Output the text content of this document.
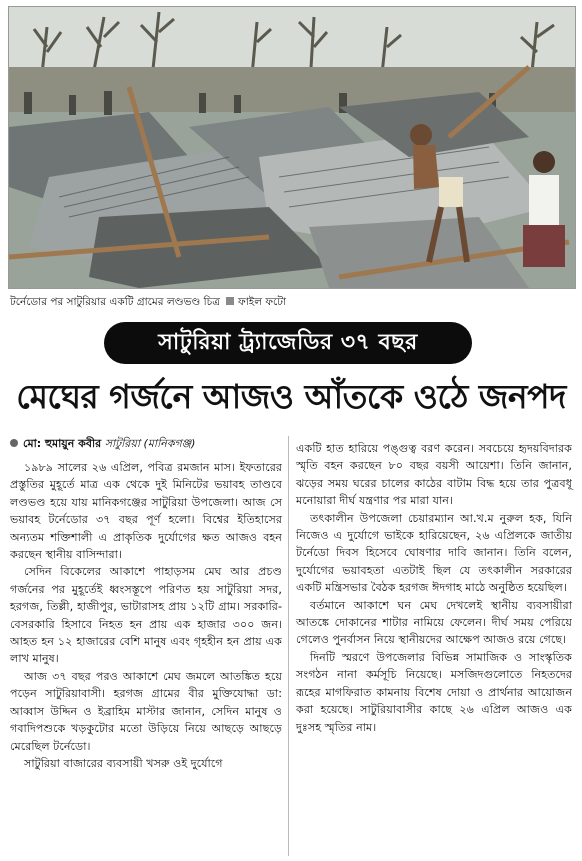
টর্নেডোর পর সাটুরিয়ার একটি গ্রামের লণ্ডভণ্ড চিত্র ফাইল ফটো
সাটুরিয়া ট্র্যাজেডির ৩৭ বছর
মেঘের গর্জনে আজও আঁতকে ওঠে জনপদ
মো: হুমায়ুন কবীর সাটুরিয়া (মানিকগঞ্জ)

১৯৮৯ সালের ২৬ এপ্রিল, পবিত্র রমজান মাস। ইফতারের প্রস্তুতির মুহূর্তে মাত্র এক থেকে দুই মিনিটের ভয়াবহ তাণ্ডবে লণ্ডভণ্ড হয়ে যায় মানিকগঞ্জের সাটুরিয়া উপজেলা। আজ সে ভয়াবহ টর্নেডোর ৩৭ বছর পূর্ণ হলো। বিশ্বের ইতিহাসের অন্যতম শক্তিশালী এ প্রাকৃতিক দুর্যোগের ক্ষত আজও বহন করছেন স্থানীয় বাসিন্দারা।

সেদিন বিকেলের আকাশে পাহাড়সম মেঘ আর প্রচণ্ড গর্জনের পর মুহূর্তেই ধ্বংসস্তূপে পরিণত হয় সাটুরিয়া সদর, হরগজ, তিল্লী, হাজীপুর, ভাটারাসহ প্রায় ১২টি গ্রাম। সরকারি-বেসরকারি হিসাবে নিহত হন প্রায় এক হাজার ৩০০ জন। আহত হন ১২ হাজারের বেশি মানুষ এবং গৃহহীন হন প্রায় এক লাখ মানুষ।

আজ ৩৭ বছর পরও আকাশে মেঘ জমলে আতঙ্কিত হয়ে পড়েন সাটুরিয়াবাসী। হরগজ গ্রামের বীর মুক্তিযোদ্ধা ডা: আব্বাস উদ্দিন ও ইব্রাহিম মাস্টার জানান, সেদিন মানুষ ও গবাদিপশুকে খড়কুটোর মতো উড়িয়ে নিয়ে আছড়ে আছড়ে মেরেছিল টর্নেডো।

সাটুরিয়া বাজারের ব্যবসায়ী খসরু ওই দুর্যোগে

একটি হাত হারিয়ে পঙ্গুত্ব বরণ করেন। সবচেয়ে হৃদয়বিদারক স্মৃতি বহন করছেন ৮০ বছর বয়সী আয়েশা। তিনি জানান, ঝড়ের সময় ঘরের চালের কাঠের বাটাম বিদ্ধ হয়ে তার পুত্রবধূ মনোয়ারা দীর্ঘ যন্ত্রণার পর মারা যান।

তৎকালীন উপজেলা চেয়ারম্যান আ.খ.ম নুরুল হক, যিনি নিজেও এ দুর্যোগে ভাইকে হারিয়েছেন, ২৬ এপ্রিলকে জাতীয় টর্নেডো দিবস হিসেবে ঘোষণার দাবি জানান। তিনি বলেন, দুর্যোগের ভয়াবহতা এতটাই ছিল যে তৎকালীন সরকারের একটি মন্ত্রিসভার বৈঠক হরগজ ঈদগাহ মাঠে অনুষ্ঠিত হয়েছিল।

বর্তমানে আকাশে ঘন মেঘ দেখলেই স্থানীয় ব্যবসায়ীরা আতঙ্কে দোকানের শাটার নামিয়ে ফেলেন। দীর্ঘ সময় পেরিয়ে গেলেও পুনর্বাসন নিয়ে স্থানীয়দের আক্ষেপ আজও রয়ে গেছে।

দিনটি স্মরণে উপজেলার বিভিন্ন সামাজিক ও সাংস্কৃতিক সংগঠন নানা কর্মসূচি নিয়েছে। মসজিদগুলোতে নিহতদের রূহের মাগফিরাত কামনায় বিশেষ দোয়া ও প্রার্থনার আয়োজন করা হয়েছে। সাটুরিয়াবাসীর কাছে ২৬ এপ্রিল আজও এক দুঃসহ স্মৃতির নাম।
